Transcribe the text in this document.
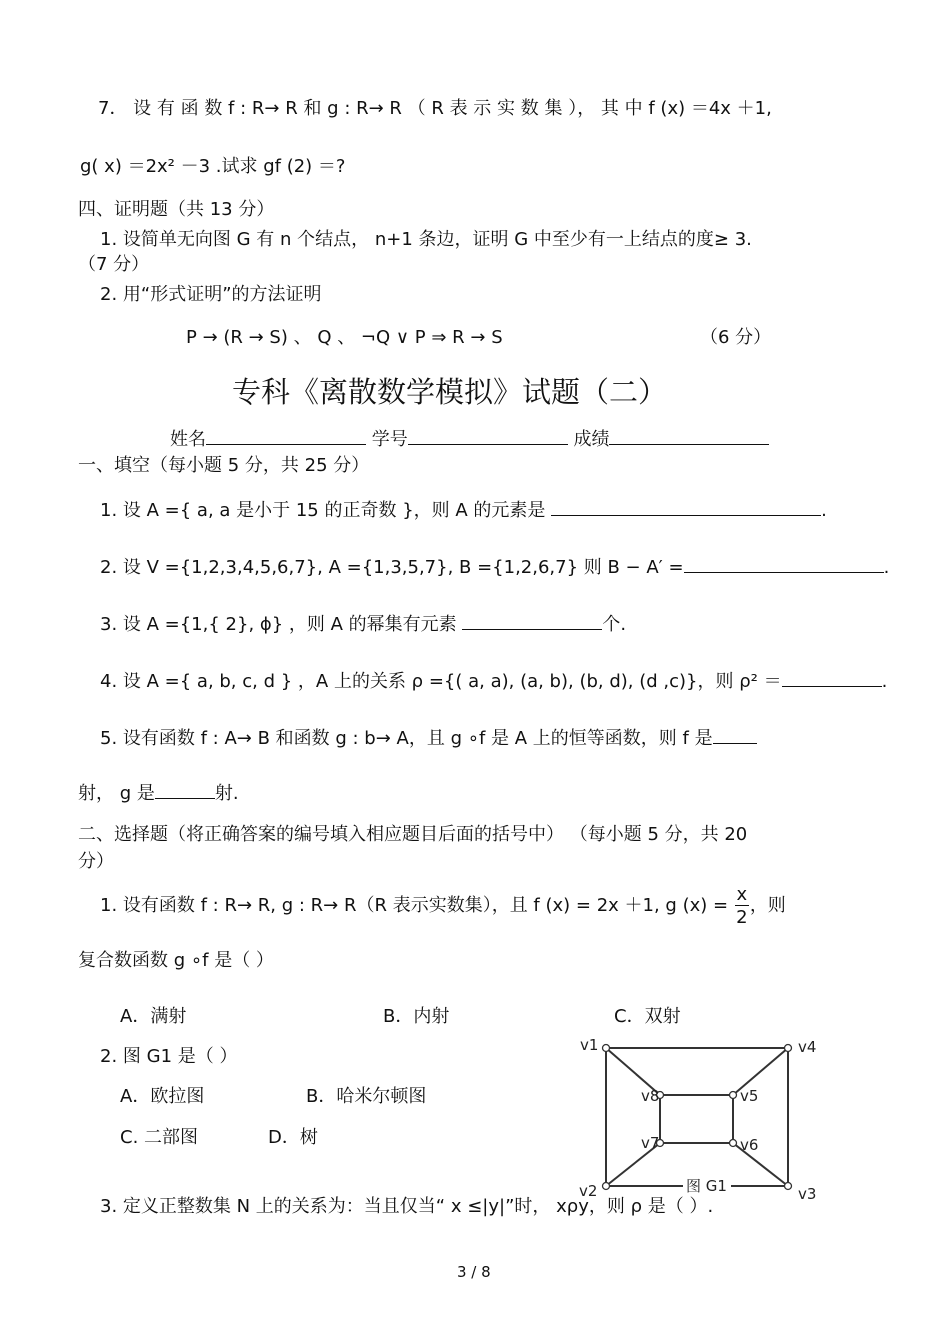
7． 设 有 函 数 f : R→ R 和 g : R→ R （ R 表 示 实 数 集 ）， 其 中 f (x) ＝4x ＋1,
g( x) ＝2x² －3 .试求 gf (2) ＝?
四、证明题（共 13 分）
1. 设简单无向图 G 有 n 个结点， n+1 条边，证明 G 中至少有一上结点的度≥ 3.
（7 分）
2. 用“形式证明”的方法证明
P → (R → S) 、 Q 、 ¬Q ∨ P ⇒ R → S	（6 分）
专科《离散数学模拟》试题（二）
姓名	学号	成绩
一、填空（每小题 5 分，共 25 分）
1. 设 A ={ a, a 是小于 15 的正奇数 }，则 A 的元素是	.
2. 设 V ={1,2,3,4,5,6,7}, A ={1,3,5,7}, B ={1,2,6,7} 则 B − A′ =	.
3. 设 A ={1,{ 2}, ϕ} ，则 A 的幂集有元素	个.
4. 设 A ={ a, b, c, d } ，A 上的关系 ρ ={( a, a), (a, b), (b, d), (d ,c)}，则 ρ² ＝	.
5. 设有函数 f : A→ B 和函数 g : b→ A，且 g ∘f 是 A 上的恒等函数，则 f 是
射， g 是	射.
二、选择题（将正确答案的编号填入相应题目后面的括号中） （每小题 5 分，共 20
分）
1. 设有函数 f : R→ R, g : R→ R（R 表示实数集），且 f (x) = 2x ＋1, g $(x) = \frac{x}{2}$ ，则
复合数函数 g ∘f 是（ ）
A．满射	B．内射	C．双射
2. 图 G1 是（ ）
A．欧拉图	B．哈米尔顿图
C. 二部图	D．树
图 G1
v1	v4
v8	v5
v7	v6
v2	v3
3. 定义正整数集 N 上的关系为：当且仅当“ x ≤|y|”时， xρy，则 ρ 是（ ）.
3 / 8
